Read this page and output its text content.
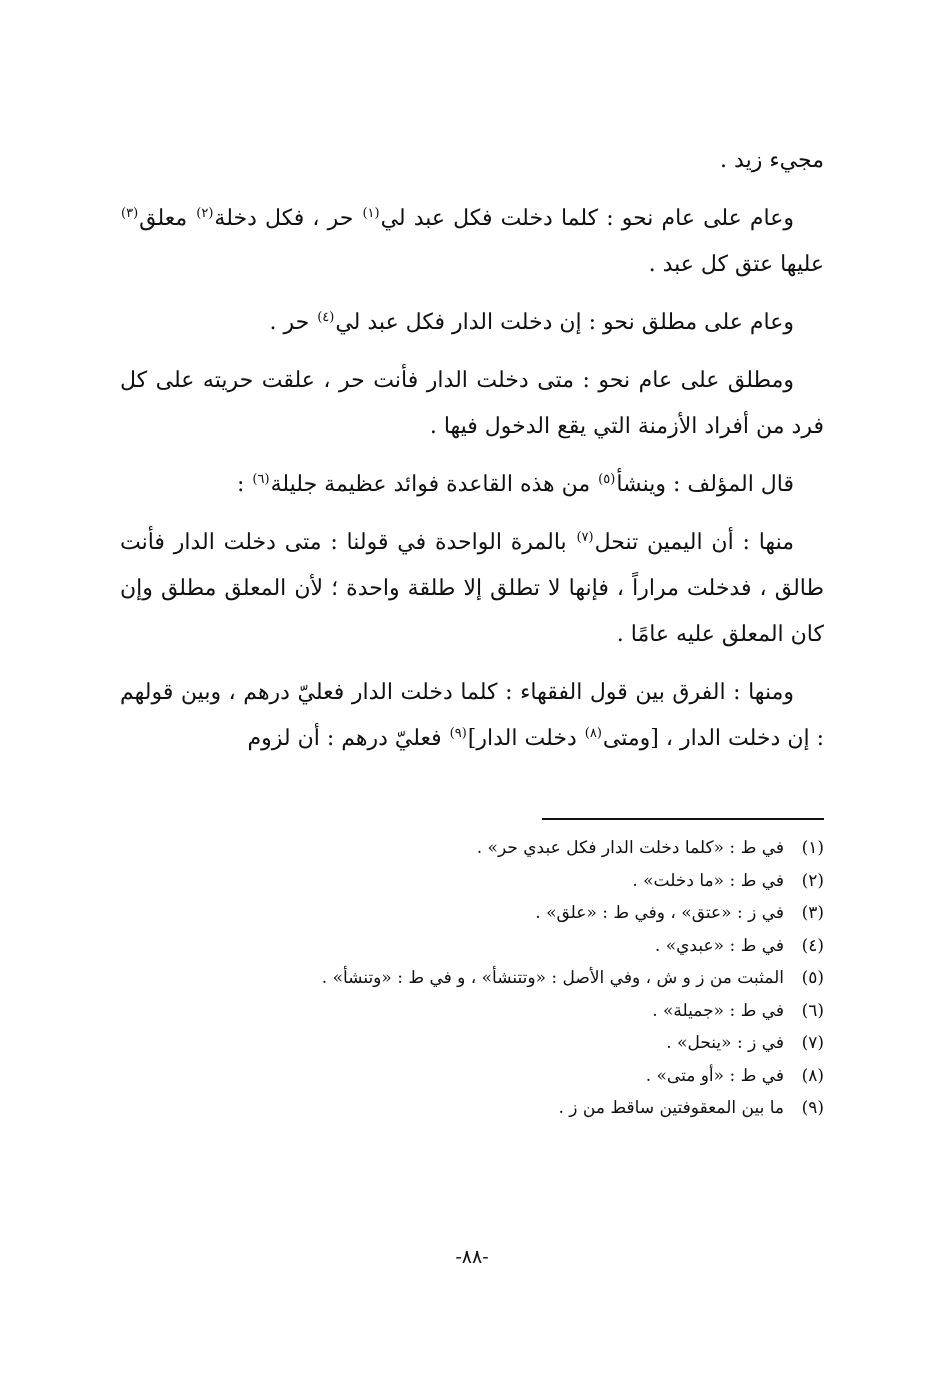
مجيء زيد .

وعام على عام نحو : كلما دخلت فكل عبد لي$^{(١)}$ حر ، فكل دخلة$^{(٢)}$ معلق$^{(٣)}$ عليها عتق كل عبد .

وعام على مطلق نحو : إن دخلت الدار فكل عبد لي$^{(٤)}$ حر .

ومطلق على عام نحو : متى دخلت الدار فأنت حر ، علقت حريته على كل فرد من أفراد الأزمنة التي يقع الدخول فيها .

قال المؤلف : وينشأ$^{(٥)}$ من هذه القاعدة فوائد عظيمة جليلة$^{(٦)}$ :

منها : أن اليمين تنحل$^{(٧)}$ بالمرة الواحدة في قولنا : متى دخلت الدار فأنت طالق ، فدخلت مراراً ، فإنها لا تطلق إلا طلقة واحدة ؛ لأن المعلق مطلق وإن كان المعلق عليه عامًا .

ومنها : الفرق بين قول الفقهاء : كلما دخلت الدار فعليّ درهم ، وبين قولهم : إن دخلت الدار ، [ومتى$^{(٨)}$ دخلت الدار]$^{(٩)}$ فعليّ درهم : أن لزوم

(١)في ط : «كلما دخلت الدار فكل عبدي حر» .
(٢)في ط : «ما دخلت» .
(٣)في ز : «عتق» ، وفي ط : «علق» .
(٤)في ط : «عبدي» .
(٥)المثبت من ز و ش ، وفي الأصل : «وتتنشأ» ، و في ط : «وتنشأ» .
(٦)في ط : «جميلة» .
(٧)في ز : «ينحل» .
(٨)في ط : «أو متى» .
(٩)ما بين المعقوفتين ساقط من ز .
-٨٨-
